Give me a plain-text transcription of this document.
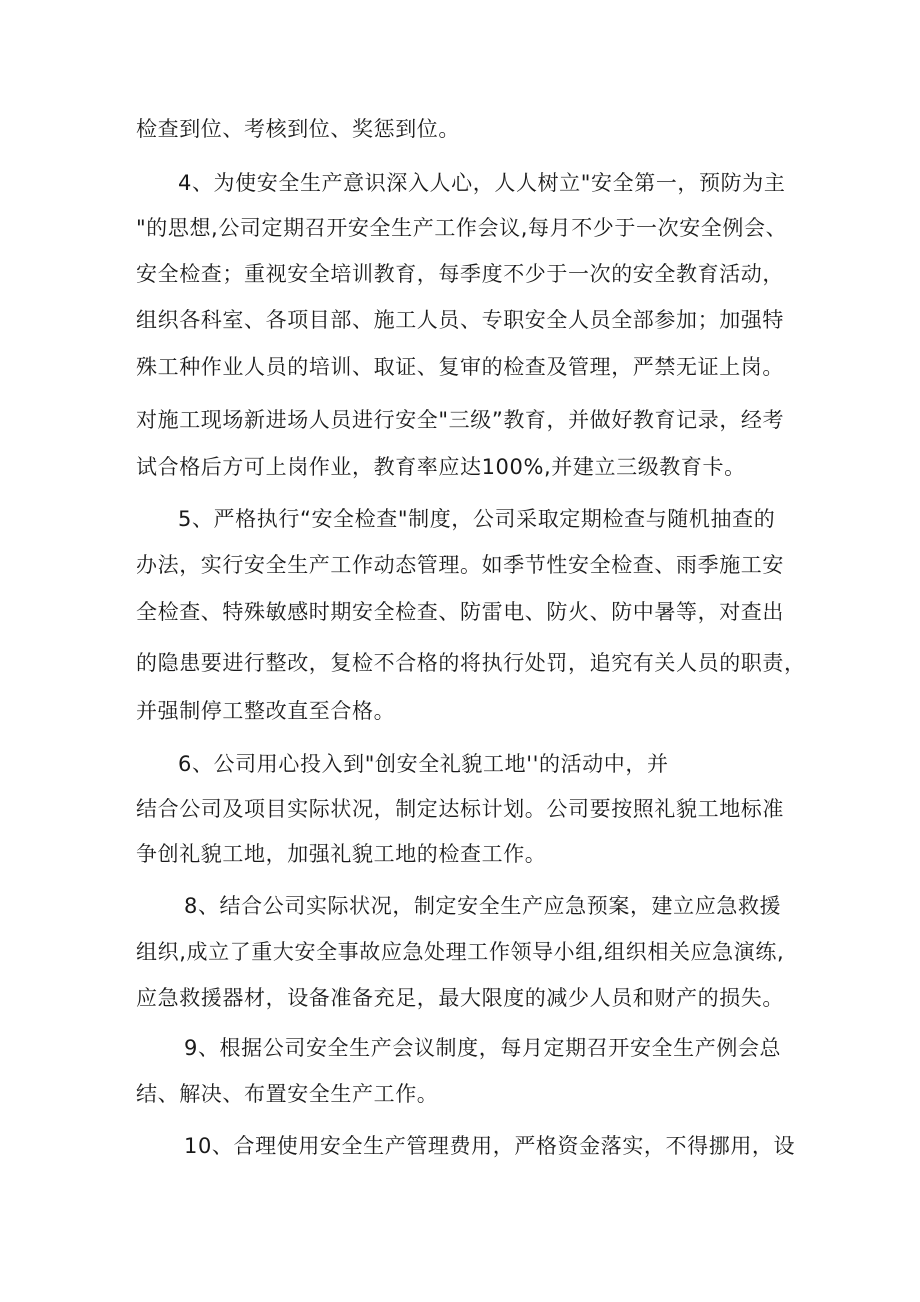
检查到位、考核到位、奖惩到位。
4、为使安全生产意识深入人心，人人树立"安全第一，预防为主
"的思想,公司定期召开安全生产工作会议,每月不少于一次安全例会、
安全检查；重视安全培训教育，每季度不少于一次的安全教育活动，
组织各科室、各项目部、施工人员、专职安全人员全部参加；加强特
殊工种作业人员的培训、取证、复审的检查及管理，严禁无证上岗。
对施工现场新进场人员进行安全"三级”教育，并做好教育记录，经考
试合格后方可上岗作业，教育率应达100%,并建立三级教育卡。
5、严格执行“安全检查"制度，公司采取定期检查与随机抽查的
办法，实行安全生产工作动态管理。如季节性安全检查、雨季施工安
全检查、特殊敏感时期安全检查、防雷电、防火、防中暑等，对查出
的隐患要进行整改，复检不合格的将执行处罚，追究有关人员的职责，
并强制停工整改直至合格。
6、公司用心投入到"创安全礼貌工地''的活动中，并
结合公司及项目实际状况，制定达标计划。公司要按照礼貌工地标准
争创礼貌工地，加强礼貌工地的检查工作。
8、结合公司实际状况，制定安全生产应急预案，建立应急救援
组织,成立了重大安全事故应急处理工作领导小组,组织相关应急演练,
应急救援器材，设备准备充足，最大限度的减少人员和财产的损失。
9、根据公司安全生产会议制度，每月定期召开安全生产例会总
结、解决、布置安全生产工作。
10、合理使用安全生产管理费用，严格资金落实，不得挪用，设
